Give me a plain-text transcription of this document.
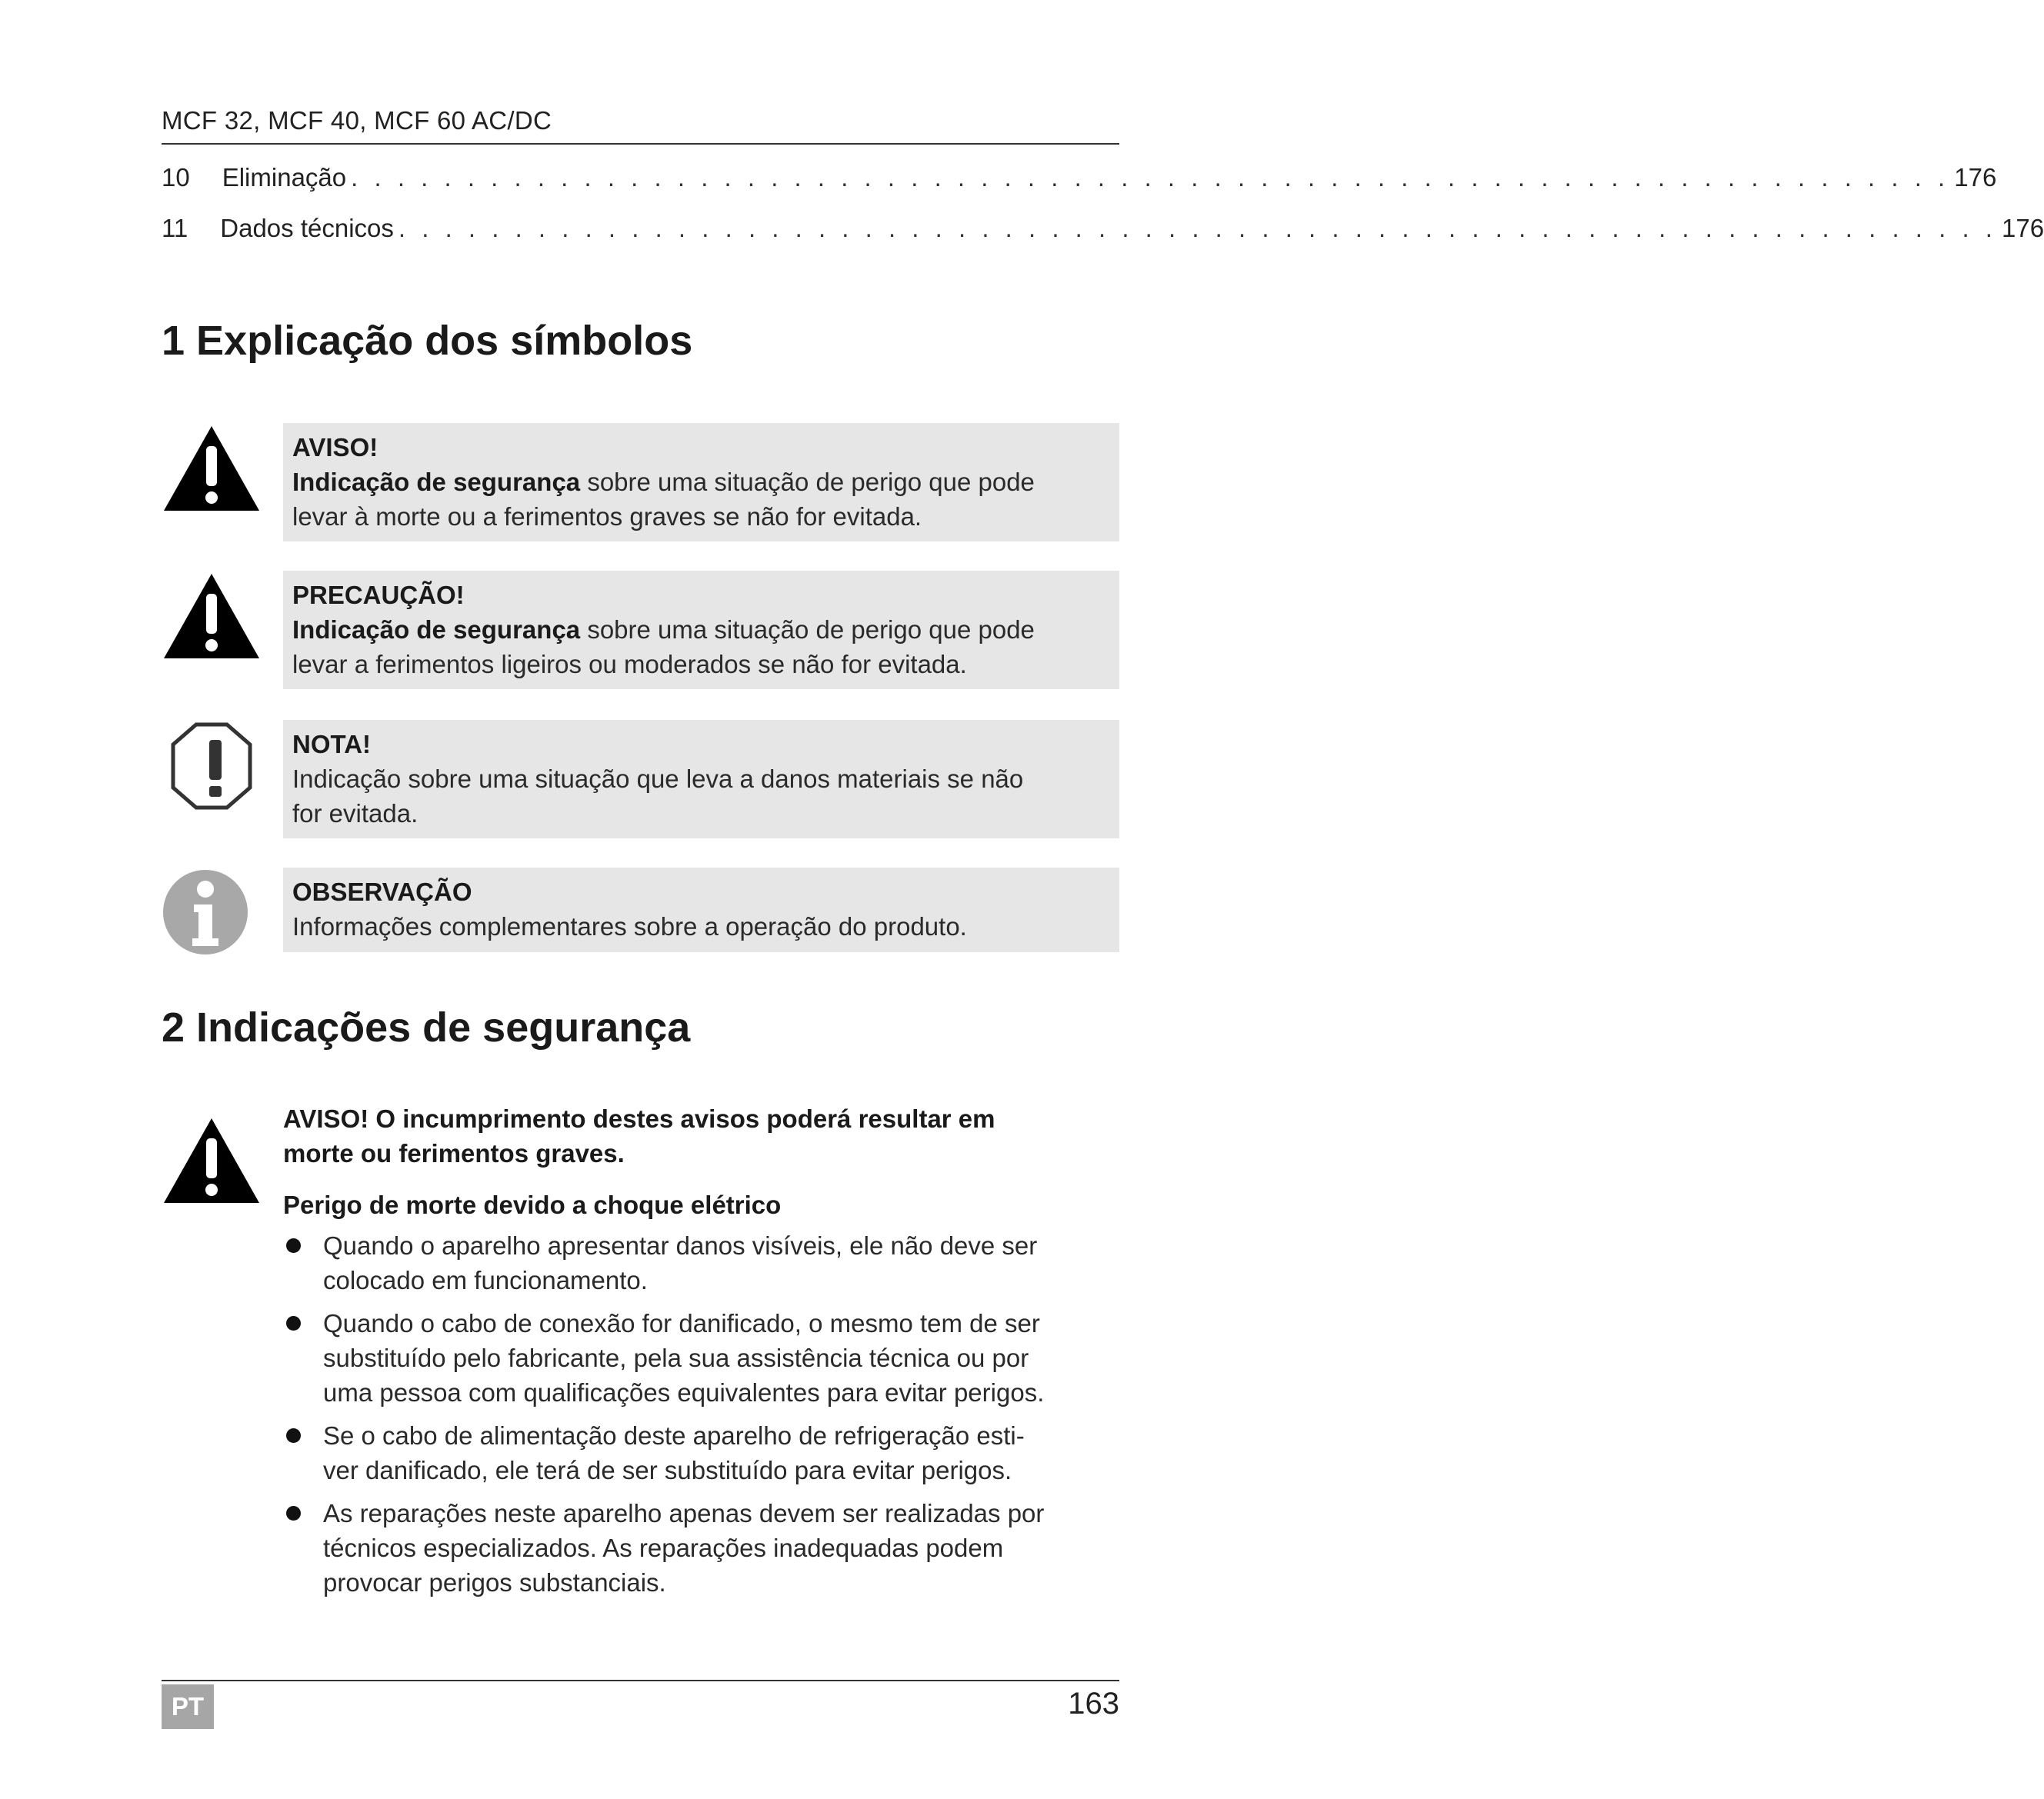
MCF 32, MCF 40, MCF 60 AC/DC
10 Eliminação . . . . . . . . . . . . . . . . . . . . . . . . . . . . . . . . . . . . . . . . . . . . . . . . . . . . . . . . . . . . . . . . . . . . . 176
11 Dados técnicos . . . . . . . . . . . . . . . . . . . . . . . . . . . . . . . . . . . . . . . . . . . . . . . . . . . . . . . . . . . . . . . . . . . . . 176
1 Explicação dos símbolos
AVISO!
Indicação de segurança sobre uma situação de perigo que pode
levar à morte ou a ferimentos graves se não for evitada.
PRECAUÇÃO!
Indicação de segurança sobre uma situação de perigo que pode
levar a ferimentos ligeiros ou moderados se não for evitada.
NOTA!
Indicação sobre uma situação que leva a danos materiais se não
for evitada.
OBSERVAÇÃO
Informações complementares sobre a operação do produto.
2 Indicações de segurança
AVISO! O incumprimento destes avisos poderá resultar em
morte ou ferimentos graves.
Perigo de morte devido a choque elétrico
Quando o aparelho apresentar danos visíveis, ele não deve ser
colocado em funcionamento.
Quando o cabo de conexão for danificado, o mesmo tem de ser
substituído pelo fabricante, pela sua assistência técnica ou por
uma pessoa com qualificações equivalentes para evitar perigos.
Se o cabo de alimentação deste aparelho de refrigeração esti-
ver danificado, ele terá de ser substituído para evitar perigos.
As reparações neste aparelho apenas devem ser realizadas por
técnicos especializados. As reparações inadequadas podem
provocar perigos substanciais.
PT	163
